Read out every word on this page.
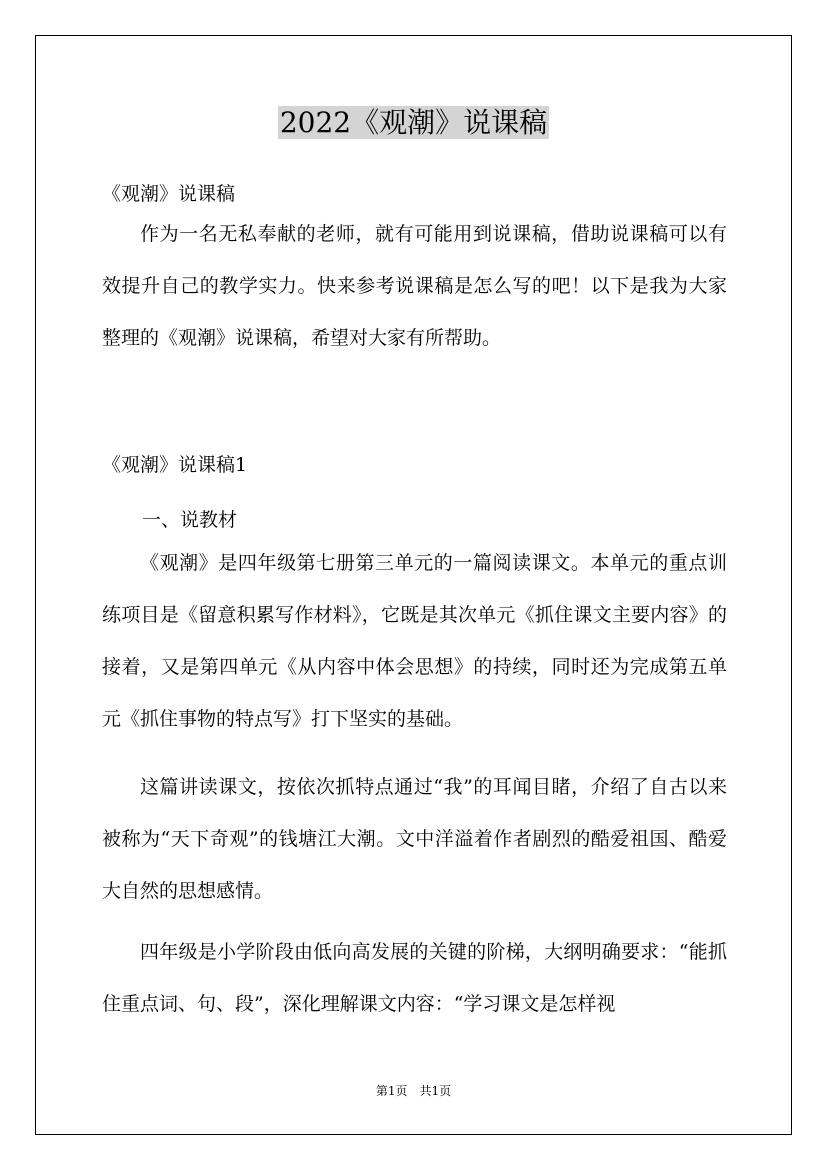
2022《观潮》说课稿
《观潮》说课稿
作为一名无私奉献的老师，就有可能用到说课稿，借助说课稿可以有效提升自己的教学实力。快来参考说课稿是怎么写的吧！以下是我为大家整理的《观潮》说课稿，希望对大家有所帮助。
《观潮》说课稿1
一、说教材
《观潮》是四年级第七册第三单元的一篇阅读课文。本单元的重点训练项目是《留意积累写作材料》，它既是其次单元《抓住课文主要内容》的接着，又是第四单元《从内容中体会思想》的持续，同时还为完成第五单元《抓住事物的特点写》打下坚实的基础。
这篇讲读课文，按依次抓特点通过“我”的耳闻目睹，介绍了自古以来被称为“天下奇观”的钱塘江大潮。文中洋溢着作者剧烈的酷爱祖国、酷爱大自然的思想感情。
四年级是小学阶段由低向高发展的关键的阶梯，大纲明确要求：“能抓住重点词、句、段”，深化理解课文内容：“学习课文是怎样视
第1页　共1页
